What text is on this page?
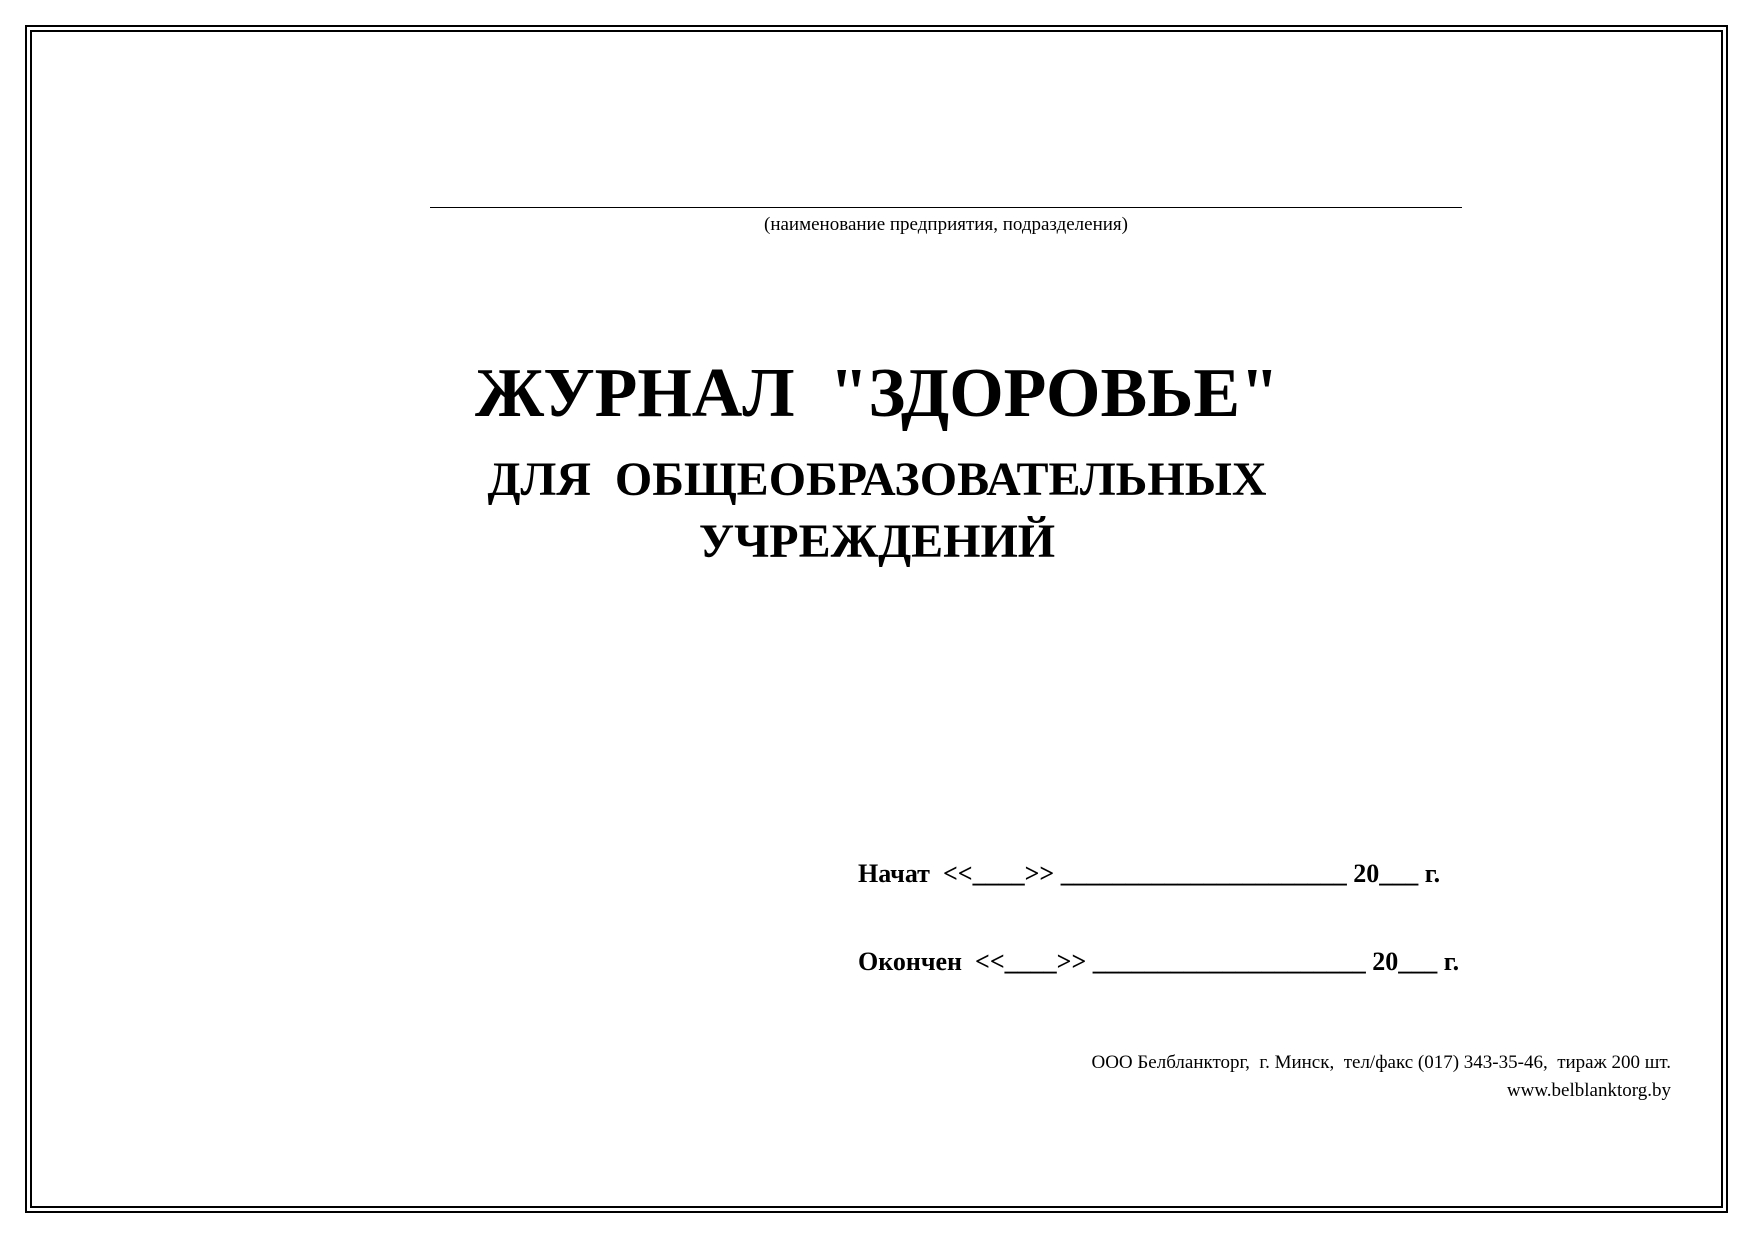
(наименование предприятия, подразделения)
ЖУРНАЛ  "ЗДОРОВЬЕ"
ДЛЯ  ОБЩЕОБРАЗОВАТЕЛЬНЫХ
УЧРЕЖДЕНИЙ
Начат  <<____>> ______________________ 20___ г.
Окончен  <<____>> _____________________ 20___ г.
ООО Белбланкторг,  г. Минск,  тел/факс (017) 343-35-46,  тираж 200 шт.
www.belblanktorg.by
